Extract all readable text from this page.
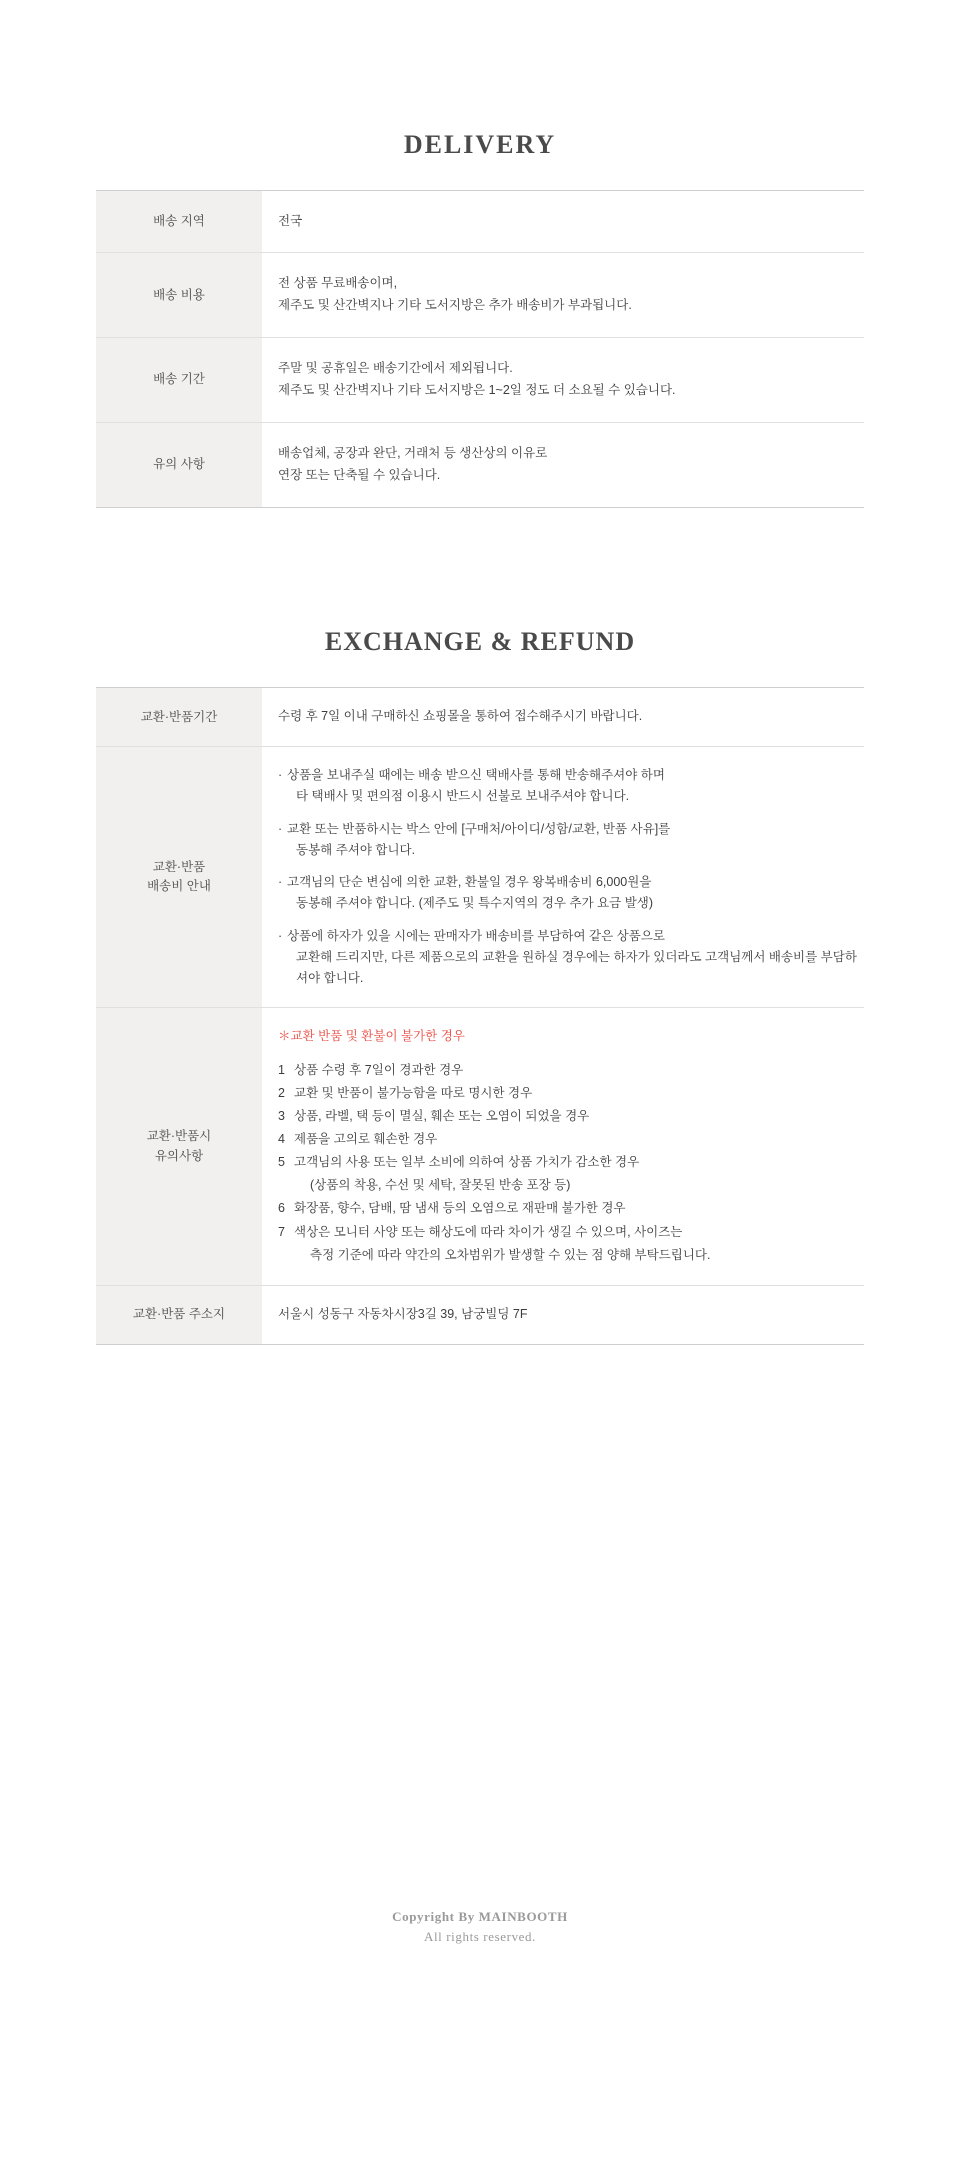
DELIVERY
배송 지역	전국

배송 비용	전 상품 무료배송이며,
제주도 및 산간벽지나 기타 도서지방은 추가 배송비가 부과됩니다.

배송 기간	주말 및 공휴일은 배송기간에서 제외됩니다.
제주도 및 산간벽지나 기타 도서지방은 1~2일 정도 더 소요될 수 있습니다.

유의 사항	배송업체, 공장과 완단, 거래처 등 생산상의 이유로
연장 또는 단축될 수 있습니다.
EXCHANGE & REFUND
교환·반품기간	수령 후 7일 이내 구매하신 쇼핑몰을 통하여 접수해주시기 바랍니다.

교환·반품
배송비 안내	
· 상품을 보내주실 때에는 배송 받으신 택배사를 통해 반송해주셔야 하며
타 택배사 및 편의점 이용시 반드시 선불로 보내주셔야 합니다.
· 교환 또는 반품하시는 박스 안에 [구매처/아이디/성함/교환, 반품 사유]를
동봉해 주셔야 합니다.
· 고객님의 단순 변심에 의한 교환, 환불일 경우 왕복배송비 6,000원을
동봉해 주셔야 합니다. (제주도 및 특수지역의 경우 추가 요금 발생)
· 상품에 하자가 있을 시에는 판매자가 배송비를 부담하여 같은 상품으로
교환해 드리지만, 다른 제품으로의 교환을 원하실 경우에는 하자가 있더라도 고객님께서 배송비를 부담하셔야 합니다.

교환·반품시
유의사항	
＊교환 반품 및 환불이 불가한 경우
1 상품 수령 후 7일이 경과한 경우
2 교환 및 반품이 불가능함을 따로 명시한 경우
3 상품, 라벨, 택 등이 멸실, 훼손 또는 오염이 되었을 경우
4 제품을 고의로 훼손한 경우
5 고객님의 사용 또는 일부 소비에 의하여 상품 가치가 감소한 경우
(상품의 착용, 수선 및 세탁, 잘못된 반송 포장 등)
6 화장품, 향수, 담배, 땀 냄새 등의 오염으로 재판매 불가한 경우
7 색상은 모니터 사양 또는 해상도에 따라 차이가 생길 수 있으며, 사이즈는
측정 기준에 따라 약간의 오차범위가 발생할 수 있는 점 양해 부탁드립니다.

교환·반품 주소지	서울시 성동구 자동차시장3길 39, 남궁빌딩 7F
Copyright By MAINBOOTH
All rights reserved.
